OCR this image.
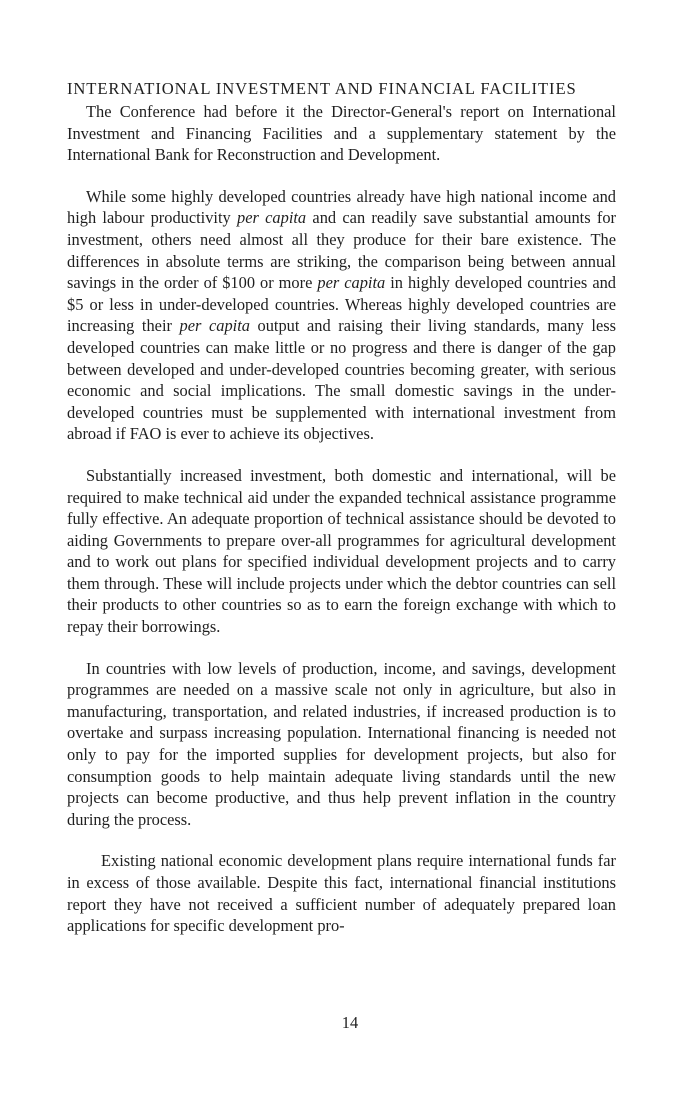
INTERNATIONAL INVESTMENT AND FINANCIAL FACILITIES

The Conference had before it the Director-General's report on International Investment and Financing Facilities and a supplementary statement by the International Bank for Reconstruction and Development.

While some highly developed countries already have high national income and high labour productivity per capita and can readily save substantial amounts for investment, others need almost all they produce for their bare existence. The differences in absolute terms are striking, the comparison being between annual savings in the order of $100 or more per capita in highly developed countries and $5 or less in under-developed countries. Whereas highly developed countries are increasing their per capita output and raising their living standards, many less developed countries can make little or no progress and there is danger of the gap between developed and under-developed countries becoming greater, with serious economic and social implications. The small domestic savings in the under-developed countries must be supplemented with international investment from abroad if FAO is ever to achieve its objectives.

Substantially increased investment, both domestic and international, will be required to make technical aid under the expanded technical assistance programme fully effective. An adequate proportion of technical assistance should be devoted to aiding Governments to prepare over-all programmes for agricultural development and to work out plans for specified individual development projects and to carry them through. These will include projects under which the debtor countries can sell their products to other countries so as to earn the foreign exchange with which to repay their borrowings.

In countries with low levels of production, income, and savings, development programmes are needed on a massive scale not only in agriculture, but also in manufacturing, transportation, and related industries, if increased production is to overtake and surpass increasing population. International financing is needed not only to pay for the imported supplies for development projects, but also for consumption goods to help maintain adequate living standards until the new projects can become productive, and thus help prevent inflation in the country during the process.

Existing national economic development plans require international funds far in excess of those available. Despite this fact, international financial institutions report they have not received a sufficient number of adequately prepared loan applications for specific development pro-

14
